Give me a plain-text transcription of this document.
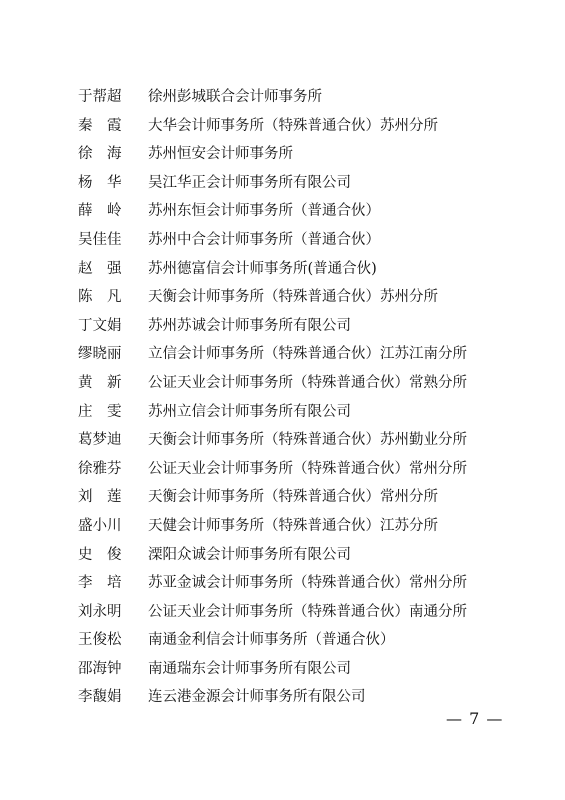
于帮超	徐州彭城联合会计师事务所
秦　霞	大华会计师事务所（特殊普通合伙）苏州分所
徐　海	苏州恒安会计师事务所
杨　华	吴江华正会计师事务所有限公司
薛　岭	苏州东恒会计师事务所（普通合伙）
吴佳佳	苏州中合会计师事务所（普通合伙）
赵　强	苏州德富信会计师事务所(普通合伙)
陈　凡	天衡会计师事务所（特殊普通合伙）苏州分所
丁文娟	苏州苏诚会计师事务所有限公司
缪晓丽	立信会计师事务所（特殊普通合伙）江苏江南分所
黄　新	公证天业会计师事务所（特殊普通合伙）常熟分所
庄　雯	苏州立信会计师事务所有限公司
葛梦迪	天衡会计师事务所（特殊普通合伙）苏州勤业分所
徐雅芬	公证天业会计师事务所（特殊普通合伙）常州分所
刘　莲	天衡会计师事务所（特殊普通合伙）常州分所
盛小川	天健会计师事务所（特殊普通合伙）江苏分所
史　俊	溧阳众诚会计师事务所有限公司
李　培	苏亚金诚会计师事务所（特殊普通合伙）常州分所
刘永明	公证天业会计师事务所（特殊普通合伙）南通分所
王俊松	南通金利信会计师事务所（普通合伙）
邵海钟	南通瑞东会计师事务所有限公司
李馥娟	连云港金源会计师事务所有限公司
— 7 —
